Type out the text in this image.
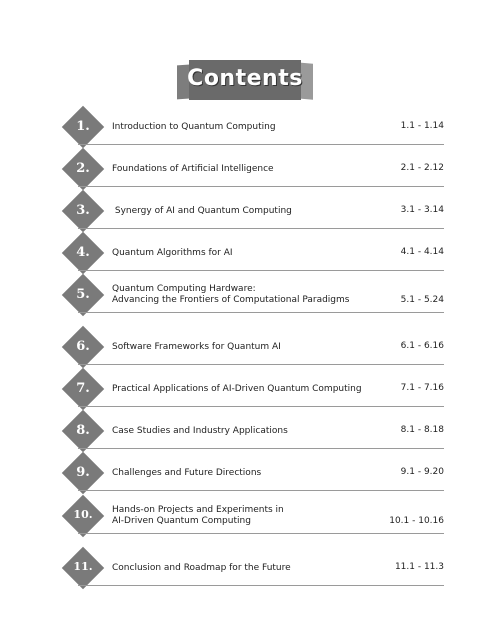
Contents
1.	Introduction to Quantum Computing	1.1 - 1.14
2.	Foundations of Artificial Intelligence	2.1 - 2.12
3.	Synergy of AI and Quantum Computing	3.1 - 3.14
4.	Quantum Algorithms for AI	4.1 - 4.14
5.	Quantum Computing Hardware:
Advancing the Frontiers of Computational Paradigms	5.1 - 5.24
6.	Software Frameworks for Quantum AI	6.1 - 6.16
7.	Practical Applications of AI-Driven Quantum Computing	7.1 - 7.16
8.	Case Studies and Industry Applications	8.1 - 8.18
9.	Challenges and Future Directions	9.1 - 9.20
10.	Hands-on Projects and Experiments in
AI-Driven Quantum Computing	10.1 - 10.16
11.	Conclusion and Roadmap for the Future	11.1 - 11.3
